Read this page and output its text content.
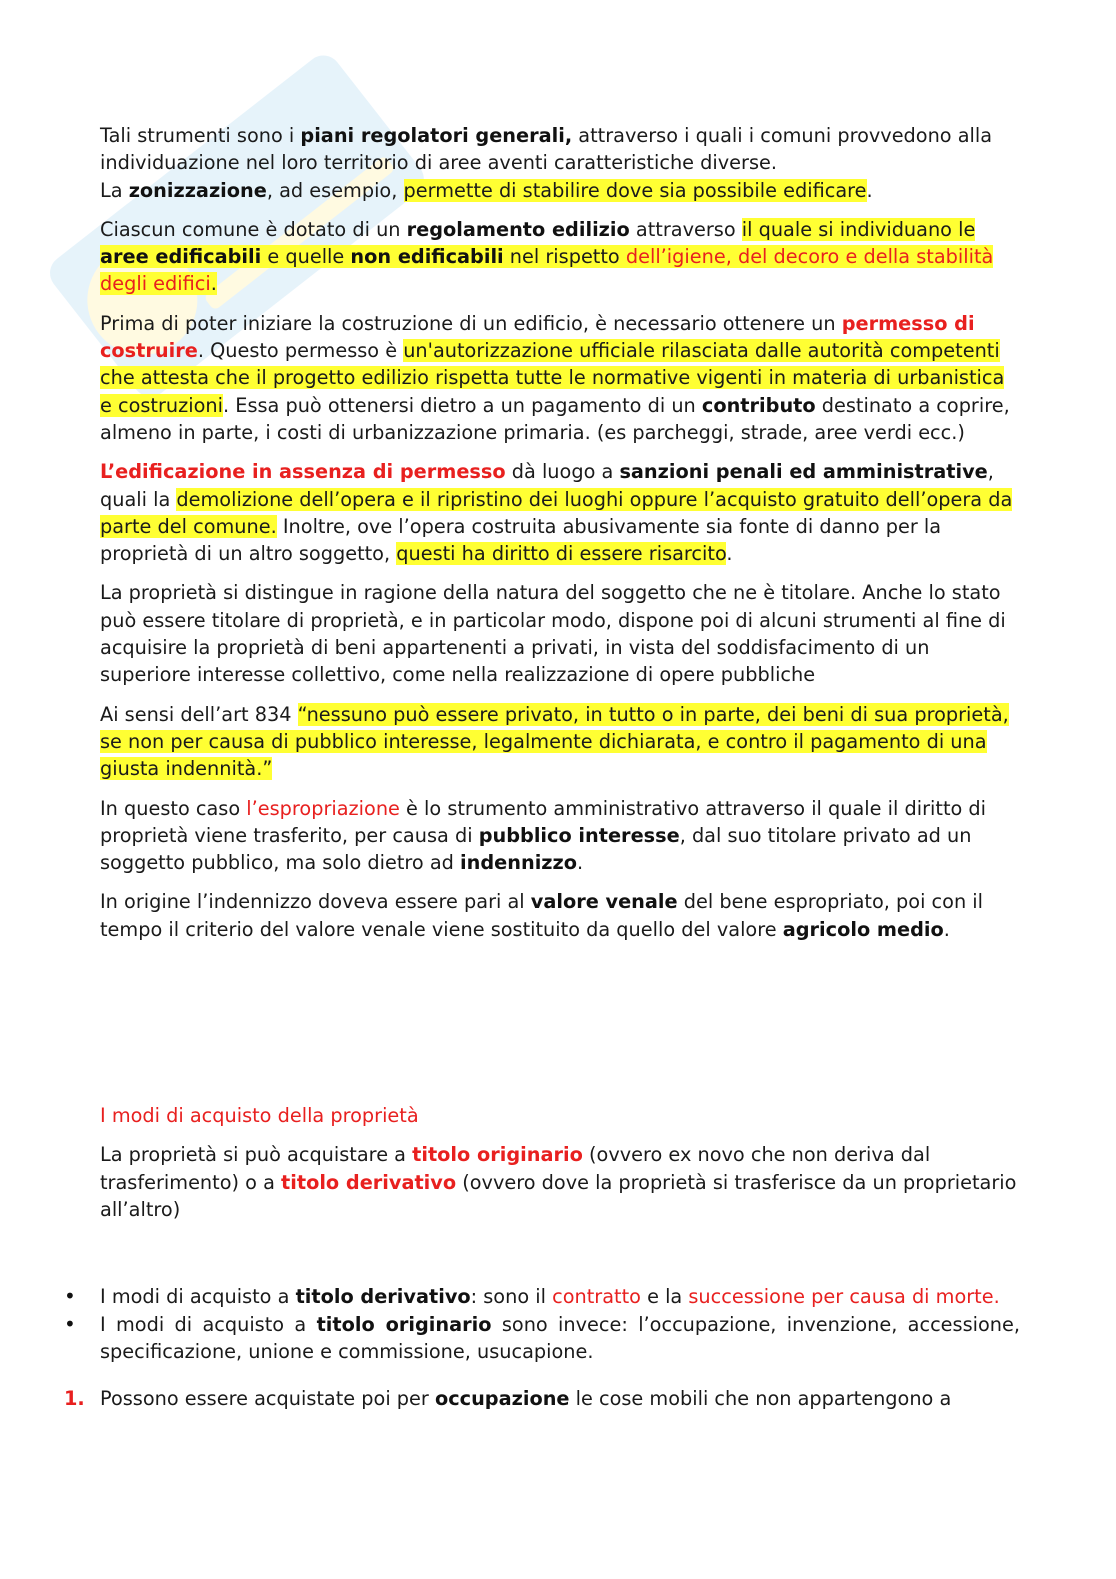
Tali strumenti sono i piani regolatori generali, attraverso i quali i comuni provvedono alla individuazione nel loro territorio di aree aventi caratteristiche diverse.

La zonizzazione, ad esempio, permette di stabilire dove sia possibile edificare.

Ciascun comune è dotato di un regolamento edilizio attraverso il quale si individuano le aree edificabili e quelle non edificabili nel rispetto dell’igiene, del decoro e della stabilità degli edifici.

Prima di poter iniziare la costruzione di un edificio, è necessario ottenere un permesso di costruire. Questo permesso è un'autorizzazione ufficiale rilasciata dalle autorità competenti che attesta che il progetto edilizio rispetta tutte le normative vigenti in materia di urbanistica e costruzioni. Essa può ottenersi dietro a un pagamento di un contributo destinato a coprire, almeno in parte, i costi di urbanizzazione primaria. (es parcheggi, strade, aree verdi ecc.)

L’edificazione in assenza di permesso dà luogo a sanzioni penali ed amministrative, quali la demolizione dell’opera e il ripristino dei luoghi oppure l’acquisto gratuito dell’opera da parte del comune. Inoltre, ove l’opera costruita abusivamente sia fonte di danno per la proprietà di un altro soggetto, questi ha diritto di essere risarcito.

La proprietà si distingue in ragione della natura del soggetto che ne è titolare. Anche lo stato può essere titolare di proprietà, e in particolar modo, dispone poi di alcuni strumenti al fine di acquisire la proprietà di beni appartenenti a privati, in vista del soddisfacimento di un superiore interesse collettivo, come nella realizzazione di opere pubbliche

Ai sensi dell’art 834 “nessuno può essere privato, in tutto o in parte, dei beni di sua proprietà, se non per causa di pubblico interesse, legalmente dichiarata, e contro il pagamento di una giusta indennità.”

In questo caso l’espropriazione è lo strumento amministrativo attraverso il quale il diritto di proprietà viene trasferito, per causa di pubblico interesse, dal suo titolare privato ad un soggetto pubblico, ma solo dietro ad indennizzo.

In origine l’indennizzo doveva essere pari al valore venale del bene espropriato, poi con il tempo il criterio del valore venale viene sostituito da quello del valore agricolo medio.

I modi di acquisto della proprietà

La proprietà si può acquistare a titolo originario (ovvero ex novo che non deriva dal trasferimento) o a titolo derivativo (ovvero dove la proprietà si trasferisce da un proprietario all’altro)

• I modi di acquisto a titolo derivativo: sono il contratto e la successione per causa di morte.
• I modi di acquisto a titolo originario sono invece: l’occupazione, invenzione, accessione, specificazione, unione e commissione, usucapione.
1. Possono essere acquistate poi per occupazione le cose mobili che non appartengono a
